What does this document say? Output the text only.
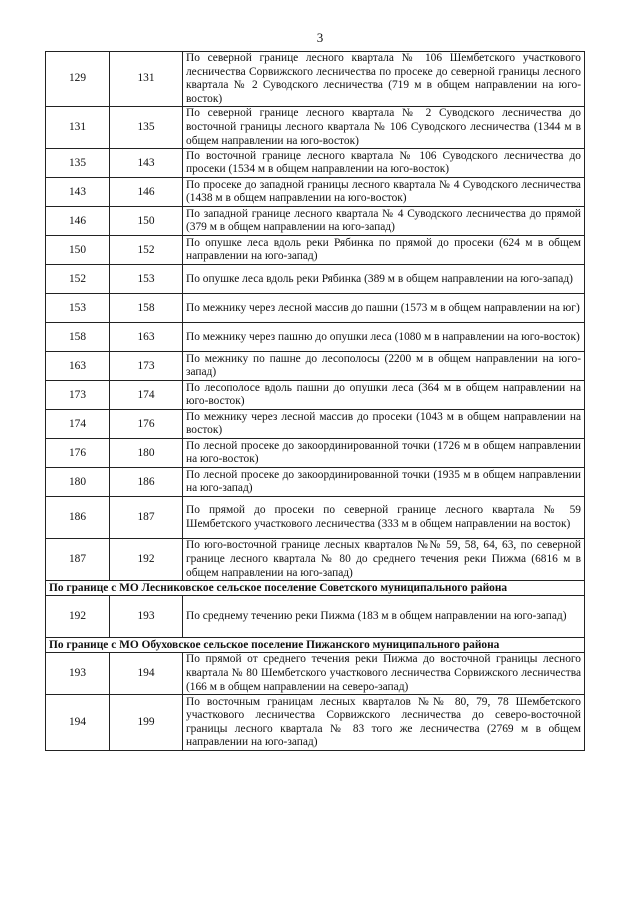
3
129	131	По северной границе лесного квартала № 106 Шембетского участкового лесничества Сорвижского лесничества по просеке до северной границы лесного квартала № 2 Суводского лесничества (719 м в общем направлении на юго-восток)
131	135	По северной границе лесного квартала № 2 Суводского лесничества до восточной границы лесного квартала № 106 Суводского лесничества (1344 м в общем направлении на юго-восток)
135	143	По восточной границе лесного квартала № 106 Суводского лесничества до просеки (1534 м в общем направлении на юго-восток)
143	146	По просеке до западной границы лесного квартала № 4 Суводского лесничества (1438 м в общем направлении на юго-восток)
146	150	По западной границе лесного квартала № 4 Суводского лесничества до прямой (379 м в общем направлении на юго-запад)
150	152	По опушке леса вдоль реки Рябинка по прямой до просеки (624 м в общем направлении на юго-запад)
152	153	По опушке леса вдоль реки Рябинка (389 м в общем направлении на юго-запад)
153	158	По межнику через лесной массив до пашни (1573 м в общем направлении на юг)
158	163	По межнику через пашню до опушки леса (1080 м в направлении на юго-восток)
163	173	По межнику по пашне до лесополосы (2200 м в общем направлении на юго-запад)
173	174	По лесополосе вдоль пашни до опушки леса (364 м в общем направлении на юго-восток)
174	176	По межнику через лесной массив до просеки (1043 м в общем направлении на восток)
176	180	По лесной просеке до закоординированной точки (1726 м в общем направлении на юго-восток)
180	186	По лесной просеке до закоординированной точки (1935 м в общем направлении на юго-запад)
186	187	По прямой до просеки по северной границе лесного квартала № 59 Шембетского участкового лесничества (333 м в общем направлении на восток)
187	192	По юго-восточной границе лесных кварталов №№ 59, 58, 64, 63, по северной границе лесного квартала № 80 до среднего течения реки Пижма (6816 м в общем направлении на юго-запад)
По границе с МО Лесниковское сельское поселение Советского муниципального района		
192	193	По среднему течению реки Пижма (183 м в общем направлении на юго-запад)
По границе с МО Обуховское сельское поселение Пижанского муниципального района		
193	194	По прямой от среднего течения реки Пижма до восточной границы лесного квартала № 80 Шембетского участкового лесничества Сорвижского лесничества (166 м в общем направлении на северо-запад)
194	199	По восточным границам лесных кварталов №№ 80, 79, 78 Шембетского участкового лесничества Сорвижского лесничества до северо-восточной границы лесного квартала № 83 того же лесничества (2769 м в общем направлении на юго-запад)
